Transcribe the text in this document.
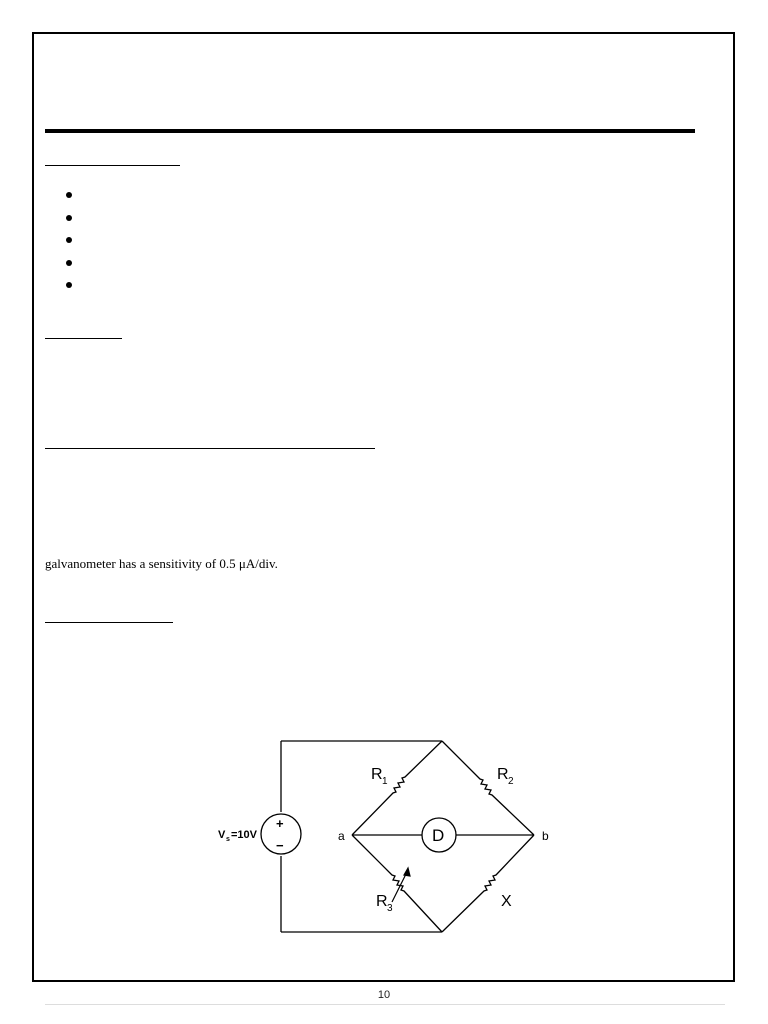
galvanometer has a sensitivity of 0.5 μA/div.
+
−
V s =10V	a	b
D
R 1	R 2
R 3	X
10
